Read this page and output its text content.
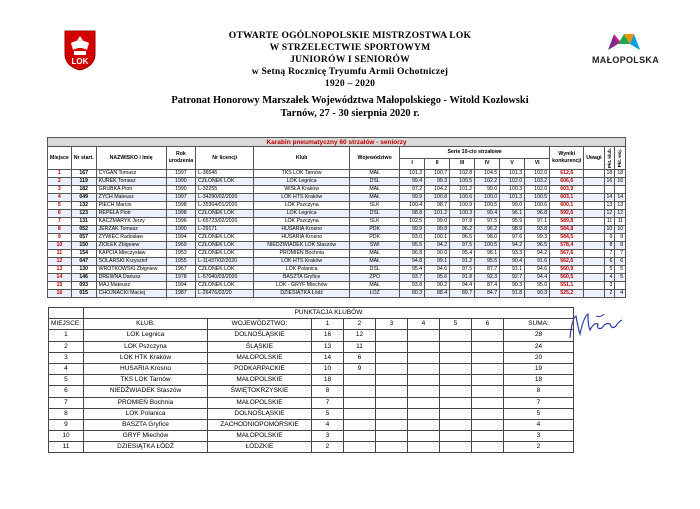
LOK	MAŁOPOLSKA
OTWARTE OGÓLNOPOLSKIE MISTRZOSTWA LOK
W STRZELECTWIE SPORTOWYM
JUNIORÓW I SENIORÓW
w Setną Rocznicę Tryumfu Armii Ochotniczej
1920 – 2020
Patronat Honorowy Marszałek Województwa Małopolskiego - Witold Kozłowski
Tarnów, 27 - 30 sierpnia 2020 r.
Karabin pneumatyczny 60 strzałów - seniorzy																
Miejsce	Nr start.	NAZWISKO i Imię	Rok urodzenia	Nr licencji	Klub	Województwo	Serie 10-cio strzałowe						Wyniki konkurencji	Uwagi	Pkt. klub.	Pkt. woj.

							I	II	III	IV	V	VI				
1	167	CYGAN Tomasz	1997	L-36546	TKS LOK Tarnów	MAŁ	101.3	100.7	102.8	104.5	101.3	102.0	612,6		18	18
2	119	KUREK Tomasz	1990	CZŁONEK LOK	LOK Legnica	DŚL	99.4	99.3	100.5	102.2	102.0	103.2	606,6		16	16
3	182	GRUBKA Piotr	1990	L-32255	WISŁA Kraków	MAŁ	97.2	104.2	101.2	99.0	100.3	102.0	603,9			
4	049	ZYCH Mateusz	1997	L-34290/02/2020	LOK HTS Kraków	MAŁ	99.9	100.8	100.6	100.0	101.3	100.5	603,1		14	14
5	132	PIECH Marcin	1998	L-35364/01/2020	LOK Pszczyna	ŚLK	100.4	98.7	100.9	100.5	99.0	100.6	600,1		13	13
6	123	REPEŁA Piotr	1998	CZŁONEK LOK	LOK Legnica	DŚL	98.8	101.2	100.3	99.4	96.1	96.8	592,6		12	12
7	131	KACZMARYK Jerzy	1996	L-65723/02/2020	LOK Pszczyna	ŚLK	102.5	99.0	97.8	97.5	95.9	97.1	589,8		11	11
8	052	JERZAK Tomasz	1990	L-29171	HUSARIA Krosno	PDK	99.9	99.8	96.2	96.2	98.9	93.8	584,8		10	10
9	057	ŻYWIEC Radosław	1994	CZŁONEK LOK	HUSARIA Krosno	PDK	93.0	100.1	96.5	98.0	97.6	99.3	584,5		9	9
10	150	ZIÓŁEK Zbigniew	1969	CZŁONEK LOK	NIEDŹWIADEK LOK Staszów	ŚWI	95.5	94.2	97.5	100.5	94.2	96.5	578,4		8	8
11	154	KAPCIA Mieczysław	1953	CZŁONEK LOK	PROMIEŃ Bochnia	MAŁ	96.8	90.0	95.4	98.1	93.3	94.2	567,6		7	7
12	047	SOLARSKI Krzysztof	1955	L-11437/02/2020	LOK HTS Kraków	MAŁ	94.8	99.1	91.2	95.5	90.4	91.6	562,6		6	6
13	130	WRÓTKOWSKI Zbigniew	1967	CZŁONEK LOK	LOK Polanica	DŚL	95.4	94.6	97.5	87.7	91.1	94.6	560,9		5	5
14	146	DREWNA Dariusz	1978	L-57040/03/2020	BASZTA Gryfice	ZPO	93.7	95.6	91.8	92.3	92.7	94.4	560,5		4	5
15	093	MAJ Mateusz	1994	CZŁONEK LOK	LOK - GRYF Miechów	MAŁ	93.8	90.2	94.4	87.4	90.3	95.0	551,1		3	
16	015	CHOJNACKI Maciej	1987	L-26476/02/20	DZIESIĄTKA Łódź	ŁÓZ	80.3	88.4	89.7	84.7	91.8	90.3	525,2		2	4
	PUNKTACJA KLUBÓW								
MIEJSCE:	KLUB:	WOJEWÓDZTWO:	1	2	3	4	5	6	SUMA:
1	LOK Legnica	DOLNOŚLĄSKIE	16	12					28
2	LOK Pszczyna	ŚLĄSKIE	13	11					24
3	LOK HTK Kraków	MAŁOPOLSKIE	14	6					20
4	HUSARIA Krosno	PODKARPACKIE	10	9					19
5	TKS LOK Tarnów	MAŁOPOLSKIE	18						18
6	NIEDŹWIADEK Staszów	ŚWIĘTOKRZYSKIE	8						8
7	PROMIEŃ Bochnia	MAŁOPOLSKIE	7						7
8	LOK Polanica	DOLNOŚLĄSKIE	5						5
9	BASZTA Gryfice	ZACHODNIOPOMORSKIE	4						4
10	GRYF Miechów	MAŁOPOLSKIE	3						3
11	DZIESIĄTKA ŁÓDŹ	ŁÓDZKIE	2						2
